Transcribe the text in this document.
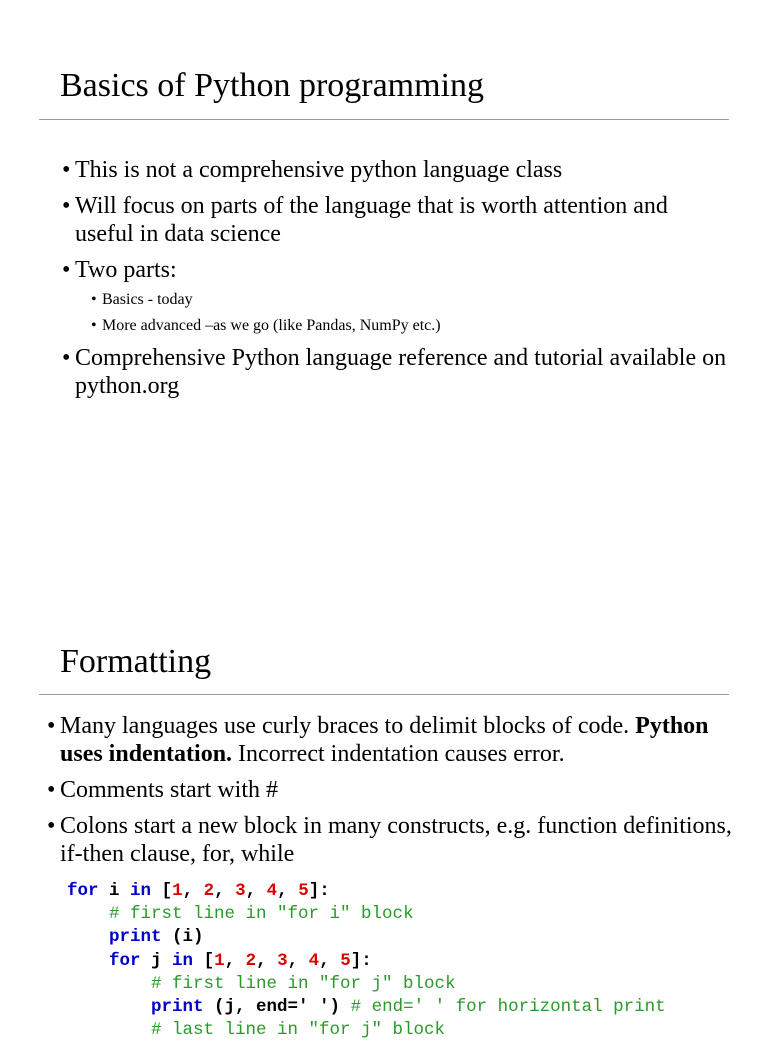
Basics of Python programming
• This is not a comprehensive python language class
• Will focus on parts of the language that is worth attention and useful in data science
• Two parts:
• Basics - today
• More advanced –as we go (like Pandas, NumPy etc.)
• Comprehensive Python language reference and tutorial available on python.org
Formatting
• Many languages use curly braces to delimit blocks of code. Python uses indentation. Incorrect indentation causes error.
• Comments start with #
• Colons start a new block in many constructs, e.g. function definitions, if-then clause, for, while
for i in [1, 2, 3, 4, 5]:
# first line in "for i" block
print (i)
for j in [1, 2, 3, 4, 5]:
# first line in "for j" block
print (j, end=' ') # end=' ' for horizontal print
# last line in "for j" block
